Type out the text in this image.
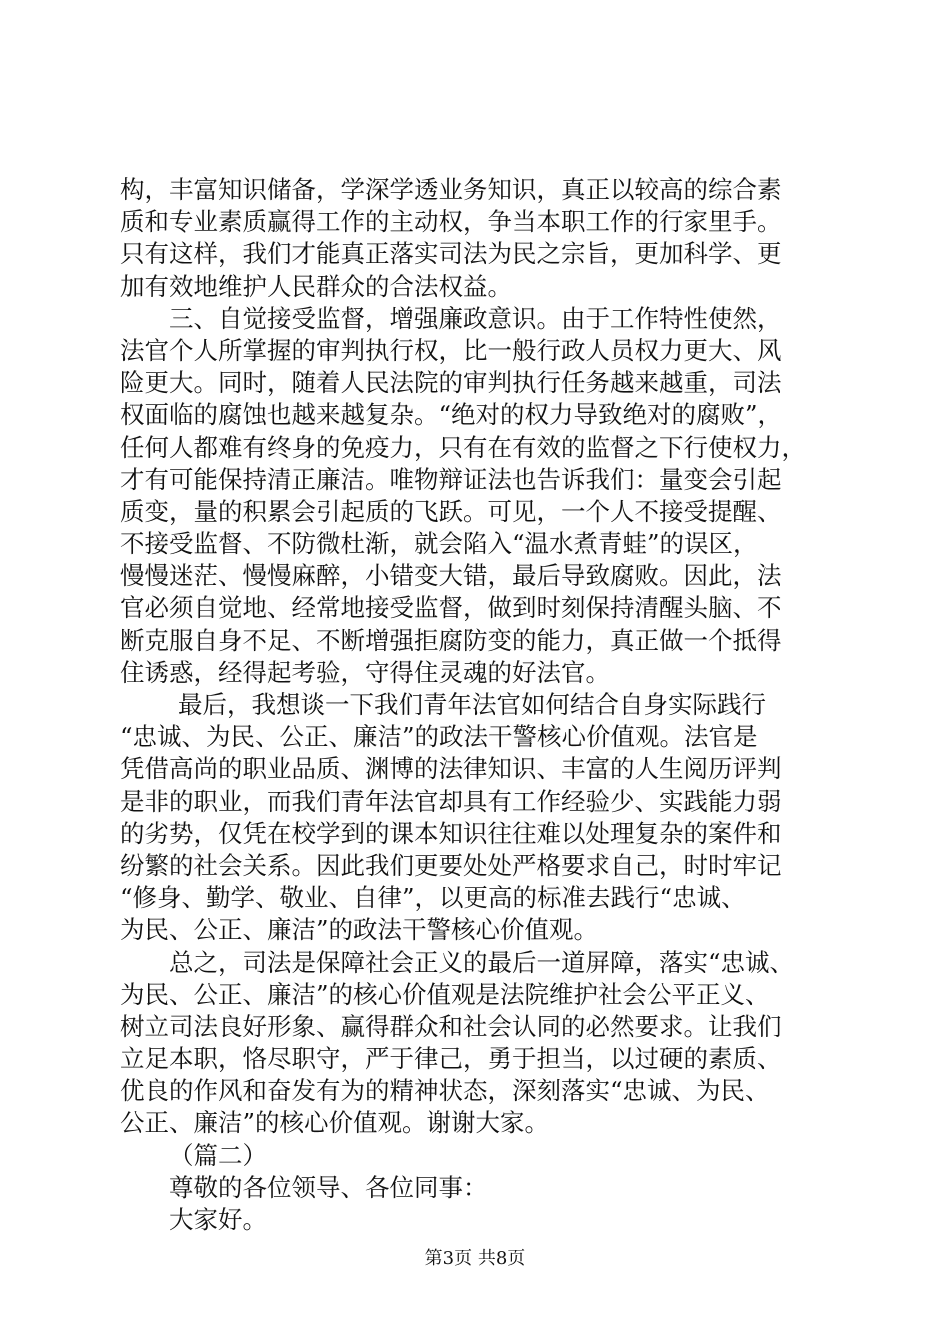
构，丰富知识储备，学深学透业务知识，真正以较高的综合素
质和专业素质赢得工作的主动权，争当本职工作的行家里手。
只有这样，我们才能真正落实司法为民之宗旨，更加科学、更
加有效地维护人民群众的合法权益。
三、自觉接受监督，增强廉政意识。由于工作特性使然，
法官个人所掌握的审判执行权，比一般行政人员权力更大、风
险更大。同时，随着人民法院的审判执行任务越来越重，司法
权面临的腐蚀也越来越复杂。“绝对的权力导致绝对的腐败”，
任何人都难有终身的免疫力，只有在有效的监督之下行使权力，
才有可能保持清正廉洁。唯物辩证法也告诉我们：量变会引起
质变，量的积累会引起质的飞跃。可见，一个人不接受提醒、
不接受监督、不防微杜渐，就会陷入“温水煮青蛙”的误区，
慢慢迷茫、慢慢麻醉，小错变大错，最后导致腐败。因此，法
官必须自觉地、经常地接受监督，做到时刻保持清醒头脑、不
断克服自身不足、不断增强拒腐防变的能力，真正做一个抵得
住诱惑，经得起考验，守得住灵魂的好法官。
最后，我想谈一下我们青年法官如何结合自身实际践行
“忠诚、为民、公正、廉洁”的政法干警核心价值观。法官是
凭借高尚的职业品质、渊博的法律知识、丰富的人生阅历评判
是非的职业，而我们青年法官却具有工作经验少、实践能力弱
的劣势，仅凭在校学到的课本知识往往难以处理复杂的案件和
纷繁的社会关系。因此我们更要处处严格要求自己，时时牢记
“修身、勤学、敬业、自律”，以更高的标准去践行“忠诚、
为民、公正、廉洁”的政法干警核心价值观。
总之，司法是保障社会正义的最后一道屏障，落实“忠诚、
为民、公正、廉洁”的核心价值观是法院维护社会公平正义、
树立司法良好形象、赢得群众和社会认同的必然要求。让我们
立足本职，恪尽职守，严于律己，勇于担当，以过硬的素质、
优良的作风和奋发有为的精神状态，深刻落实“忠诚、为民、
公正、廉洁”的核心价值观。谢谢大家。
（篇二）
尊敬的各位领导、各位同事：
大家好。
第3页 共8页
